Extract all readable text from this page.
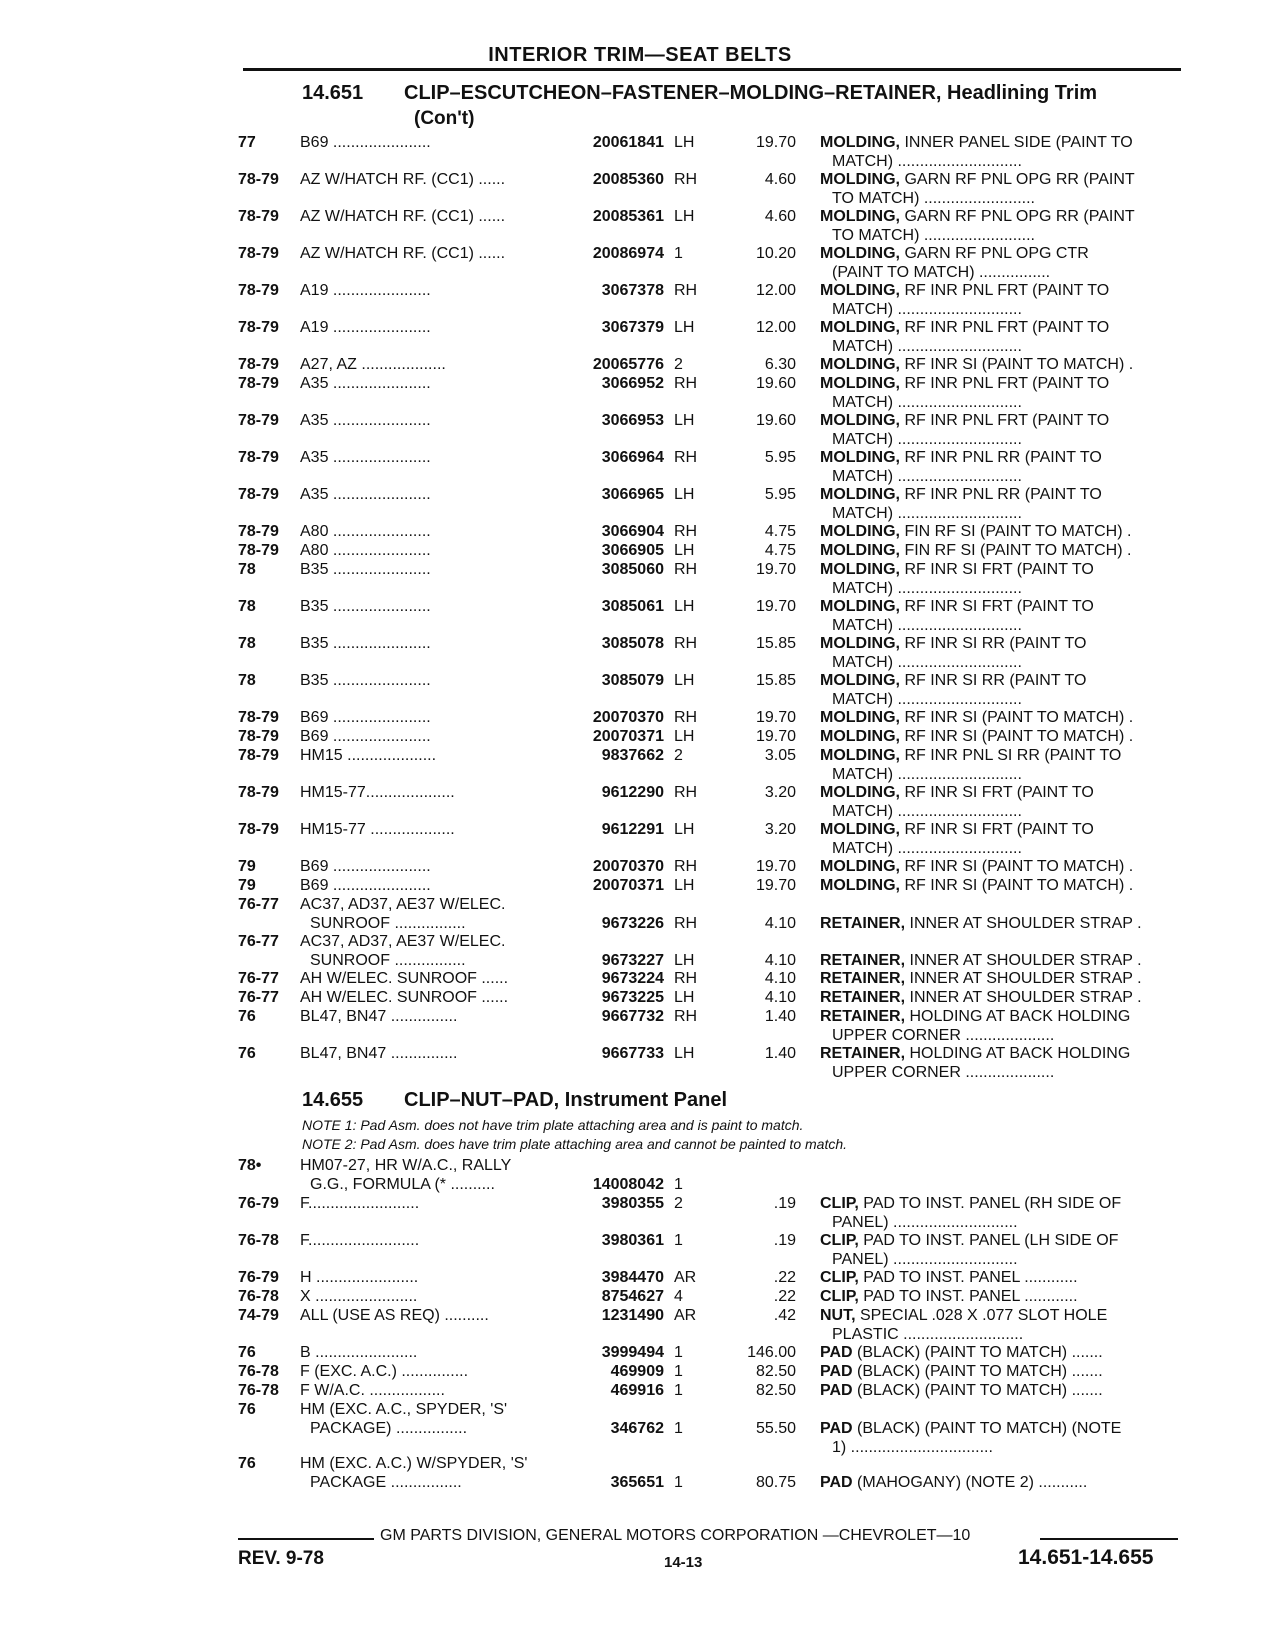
INTERIOR TRIM—SEAT BELTS
14.651 CLIP–ESCUTCHEON–FASTENER–MOLDING–RETAINER, Headlining Trim
(Con't)
14.655 CLIP–NUT–PAD, Instrument Panel
NOTE 1: Pad Asm. does not have trim plate attaching area and is paint to match.
NOTE 2: Pad Asm. does have trim plate attaching area and cannot be painted to match.
77	B69 ......................	20061841 LH	19.70 MOLDING, INNER PANEL SIDE (PAINT TO
MATCH) ............................
78-79 AZ W/HATCH RF. (CC1) ......	20085360 RH	4.60 MOLDING, GARN RF PNL OPG RR (PAINT
TO MATCH) .........................
78-79 AZ W/HATCH RF. (CC1) ......	20085361 LH	4.60 MOLDING, GARN RF PNL OPG RR (PAINT
TO MATCH) .........................
78-79 AZ W/HATCH RF. (CC1) ......	20086974 1	10.20 MOLDING, GARN RF PNL OPG CTR
(PAINT TO MATCH) ................
78-79 A19 ......................	3067378 RH	12.00 MOLDING, RF INR PNL FRT (PAINT TO
MATCH) ............................
78-79 A19 ......................	3067379 LH	12.00 MOLDING, RF INR PNL FRT (PAINT TO
MATCH) ............................
78-79 A27, AZ ...................	20065776 2	6.30 MOLDING, RF INR SI (PAINT TO MATCH) .
78-79 A35 ......................	3066952 RH	19.60 MOLDING, RF INR PNL FRT (PAINT TO
MATCH) ............................
78-79 A35 ......................	3066953 LH	19.60 MOLDING, RF INR PNL FRT (PAINT TO
MATCH) ............................
78-79 A35 ......................	3066964 RH	5.95 MOLDING, RF INR PNL RR (PAINT TO
MATCH) ............................
78-79 A35 ......................	3066965 LH	5.95 MOLDING, RF INR PNL RR (PAINT TO
MATCH) ............................
78-79 A80 ......................	3066904 RH	4.75 MOLDING, FIN RF SI (PAINT TO MATCH) .
78-79 A80 ......................	3066905 LH	4.75 MOLDING, FIN RF SI (PAINT TO MATCH) .
78	B35 ......................	3085060 RH	19.70 MOLDING, RF INR SI FRT (PAINT TO
MATCH) ............................
78	B35 ......................	3085061 LH	19.70 MOLDING, RF INR SI FRT (PAINT TO
MATCH) ............................
78	B35 ......................	3085078 RH	15.85 MOLDING, RF INR SI RR (PAINT TO
MATCH) ............................
78	B35 ......................	3085079 LH	15.85 MOLDING, RF INR SI RR (PAINT TO
MATCH) ............................
78-79 B69 ......................	20070370 RH	19.70 MOLDING, RF INR SI (PAINT TO MATCH) .
78-79 B69 ......................	20070371 LH	19.70 MOLDING, RF INR SI (PAINT TO MATCH) .
78-79 HM15 ....................	9837662 2	3.05 MOLDING, RF INR PNL SI RR (PAINT TO
MATCH) ............................
78-79 HM15-77....................	9612290 RH	3.20 MOLDING, RF INR SI FRT (PAINT TO
MATCH) ............................
78-79 HM15-77 ...................	9612291 LH	3.20 MOLDING, RF INR SI FRT (PAINT TO
MATCH) ............................
79	B69 ......................	20070370 RH	19.70 MOLDING, RF INR SI (PAINT TO MATCH) .
79	B69 ......................	20070371 LH	19.70 MOLDING, RF INR SI (PAINT TO MATCH) .
76-77 AC37, AD37, AE37 W/ELEC.
SUNROOF ................	9673226 RH	4.10 RETAINER, INNER AT SHOULDER STRAP .
76-77 AC37, AD37, AE37 W/ELEC.
SUNROOF ................	9673227 LH	4.10 RETAINER, INNER AT SHOULDER STRAP .
76-77 AH W/ELEC. SUNROOF ......	9673224 RH	4.10 RETAINER, INNER AT SHOULDER STRAP .
76-77 AH W/ELEC. SUNROOF ......	9673225 LH	4.10 RETAINER, INNER AT SHOULDER STRAP .
76	BL47, BN47 ...............	9667732 RH	1.40 RETAINER, HOLDING AT BACK HOLDING
UPPER CORNER ....................
76	BL47, BN47 ...............	9667733 LH	1.40 RETAINER, HOLDING AT BACK HOLDING
UPPER CORNER ....................
78• HM07-27, HR W/A.C., RALLY
G.G., FORMULA (* ..........	14008042 1
76-79 F.........................	3980355 2	.19 CLIP, PAD TO INST. PANEL (RH SIDE OF
PANEL) ............................
76-78 F.........................	3980361 1	.19 CLIP, PAD TO INST. PANEL (LH SIDE OF
PANEL) ............................
76-79 H .......................	3984470 AR	.22 CLIP, PAD TO INST. PANEL ............
76-78 X .......................	8754627 4	.22 CLIP, PAD TO INST. PANEL ............
74-79 ALL (USE AS REQ) ..........	1231490 AR	.42 NUT, SPECIAL .028 X .077 SLOT HOLE
PLASTIC ...........................
76	B .......................	3999494 1	146.00 PAD (BLACK) (PAINT TO MATCH) .......
76-78 F (EXC. A.C.) ...............	469909 1	82.50 PAD (BLACK) (PAINT TO MATCH) .......
76-78 F W/A.C. .................	469916 1	82.50 PAD (BLACK) (PAINT TO MATCH) .......
76	HM (EXC. A.C., SPYDER, 'S'
PACKAGE) ................	346762 1	55.50 PAD (BLACK) (PAINT TO MATCH) (NOTE
1) ................................
76	HM (EXC. A.C.) W/SPYDER, 'S'
PACKAGE ................	365651 1	80.75 PAD (MAHOGANY) (NOTE 2) ...........
GM PARTS DIVISION, GENERAL MOTORS CORPORATION —CHEVROLET—10
REV. 9-78	14-13	14.651-14.655
